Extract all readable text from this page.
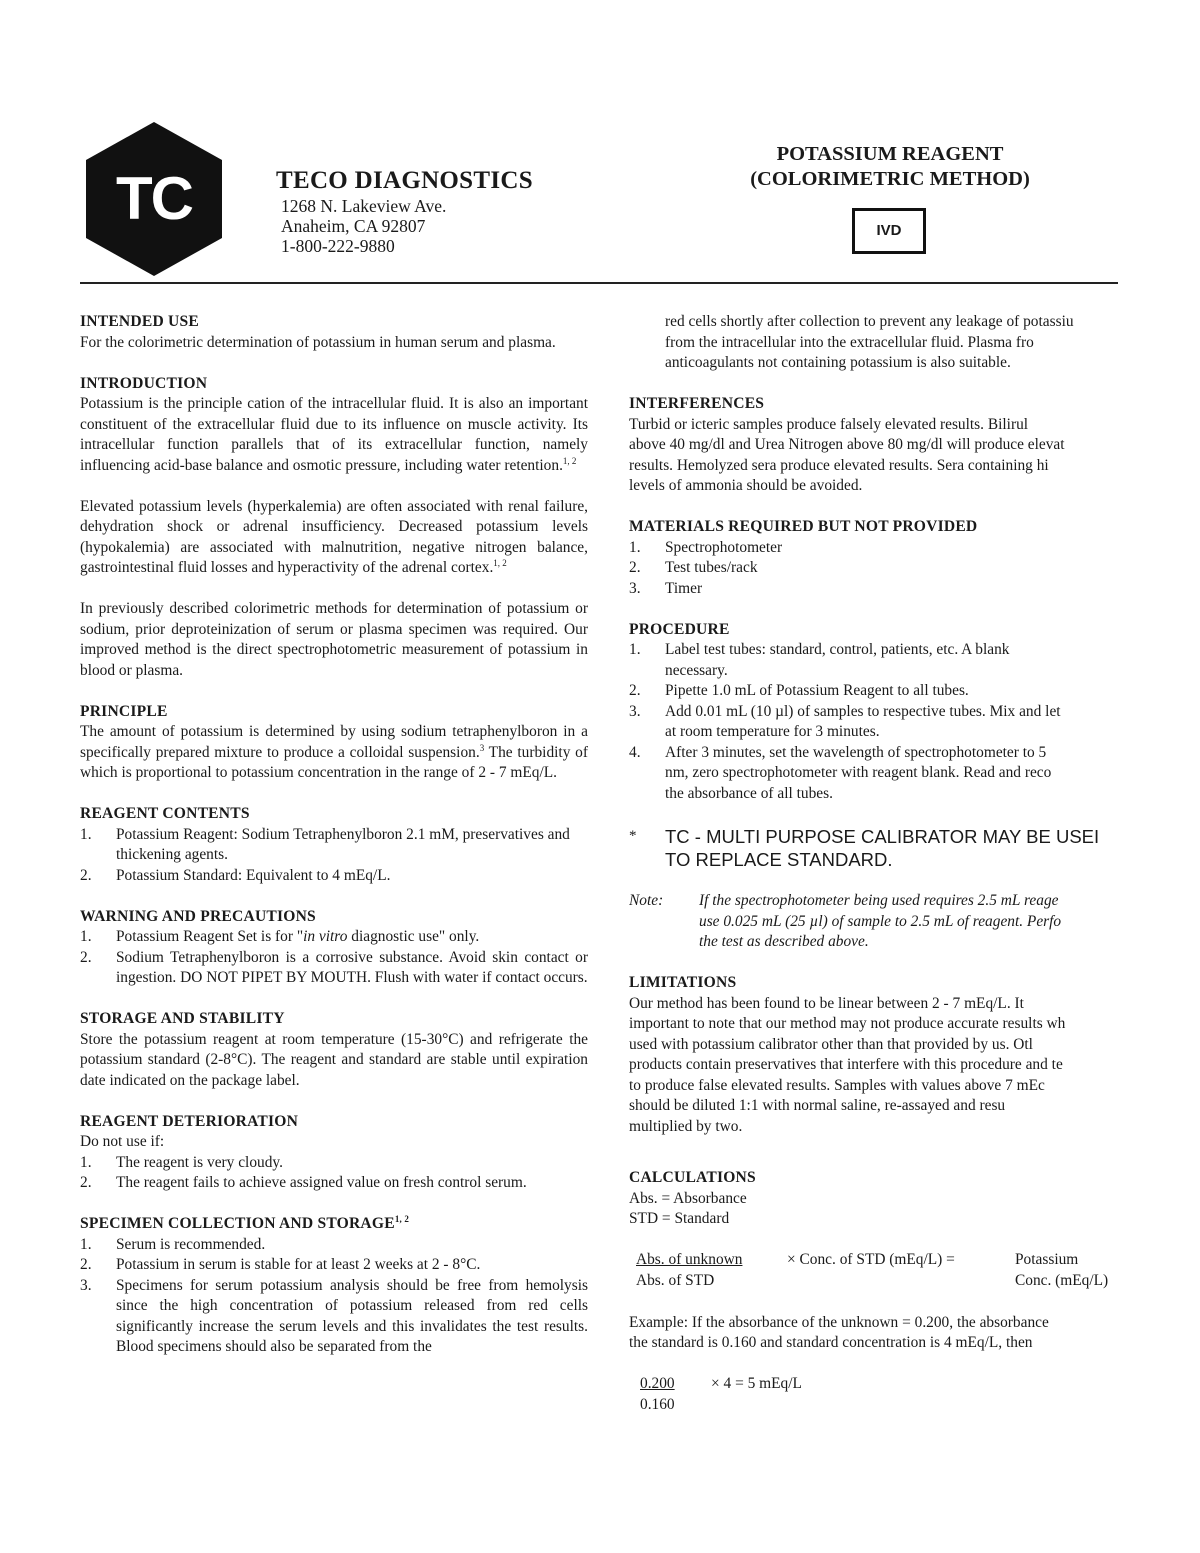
TC	TECO DIAGNOSTICS
1268 N. Lakeview Ave.
Anaheim, CA 92807
1-800-222-9880
POTASSIUM REAGENT
(COLORIMETRIC METHOD)
IVD
INTENDED USE

For the colorimetric determination of potassium in human serum and plasma.

INTRODUCTION

Potassium is the principle cation of the intracellular fluid. It is also an important constituent of the extracellular fluid due to its influence on muscle activity. Its intracellular function parallels that of its extracellular function, namely influencing acid-base balance and osmotic pressure, including water retention.$^{1, 2}$

Elevated potassium levels (hyperkalemia) are often associated with renal failure, dehydration shock or adrenal insufficiency. Decreased potassium levels (hypokalemia) are associated with malnutrition, negative nitrogen balance, gastrointestinal fluid losses and hyperactivity of the adrenal cortex.$^{1, 2}$

In previously described colorimetric methods for determination of potassium or sodium, prior deproteinization of serum or plasma specimen was required. Our improved method is the direct spectrophotometric measurement of potassium in blood or plasma.

PRINCIPLE

The amount of potassium is determined by using sodium tetraphenylboron in a specifically prepared mixture to produce a colloidal suspension.$^3$ The turbidity of which is proportional to potassium concentration in the range of 2 - 7 mEq/L.

REAGENT CONTENTS
1. Potassium Reagent: Sodium Tetraphenylboron 2.1 mM, preservatives and thickening agents.
2. Potassium Standard: Equivalent to 4 mEq/L.
WARNING AND PRECAUTIONS
1. Potassium Reagent Set is for "in vitro diagnostic use" only.
2. Sodium Tetraphenylboron is a corrosive substance. Avoid skin contact or ingestion. DO NOT PIPET BY MOUTH. Flush with water if contact occurs.
STORAGE AND STABILITY

Store the potassium reagent at room temperature (15-30°C) and refrigerate the potassium standard (2-8°C). The reagent and standard are stable until expiration date indicated on the package label.

REAGENT DETERIORATION

Do not use if:

1. The reagent is very cloudy.
2. The reagent fails to achieve assigned value on fresh control serum.
SPECIMEN COLLECTION AND STORAGE$^{1, 2}$
1. Serum is recommended.
2. Potassium in serum is stable for at least 2 weeks at 2 - 8°C.
3. Specimens for serum potassium analysis should be free from hemolysis since the high concentration of potassium released from red cells significantly increase the serum levels and this invalidates the test results. Blood specimens should also be separated from the
red cells shortly after collection to prevent any leakage of potassiu
from the intracellular into the extracellular fluid. Plasma fro
anticoagulants not containing potassium is also suitable.
INTERFERENCES
Turbid or icteric samples produce falsely elevated results. Bilirul
above 40 mg/dl and Urea Nitrogen above 80 mg/dl will produce elevat
results. Hemolyzed sera produce elevated results. Sera containing hi
levels of ammonia should be avoided.
MATERIALS REQUIRED BUT NOT PROVIDED
1. Spectrophotometer
2. Test tubes/rack
3. Timer
PROCEDURE
1. Label test tubes: standard, control, patients, etc. A blank
necessary.
2. Pipette 1.0 mL of Potassium Reagent to all tubes.
3. Add 0.01 mL (10 µl) of samples to respective tubes. Mix and let
at room temperature for 3 minutes.
4. After 3 minutes, set the wavelength of spectrophotometer to 5
nm, zero spectrophotometer with reagent blank. Read and reco
the absorbance of all tubes.
*	TC - MULTI PURPOSE CALIBRATOR MAY BE USEI
TO REPLACE STANDARD.
Note:	If the spectrophotometer being used requires 2.5 mL reage
use 0.025 mL (25 µl) of sample to 2.5 mL of reagent. Perfo
the test as described above.
LIMITATIONS
Our method has been found to be linear between 2 - 7 mEq/L. It
important to note that our method may not produce accurate results wh
used with potassium calibrator other than that provided by us. Otl
products contain preservatives that interfere with this procedure and te
to produce false elevated results. Samples with values above 7 mEc
should be diluted 1:1 with normal saline, re-assayed and resu
multiplied by two.
CALCULATIONS
Abs. = Absorbance
STD = Standard
Abs. of unknown
Abs. of STD
× Conc. of STD (mEq/L) =	Potassium
Conc. (mEq/L)
Example: If the absorbance of the unknown = 0.200, the absorbance
the standard is 0.160 and standard concentration is 4 mEq/L, then
$\frac{0.200}{0.160} \times 4 = 5$ mEq/L
